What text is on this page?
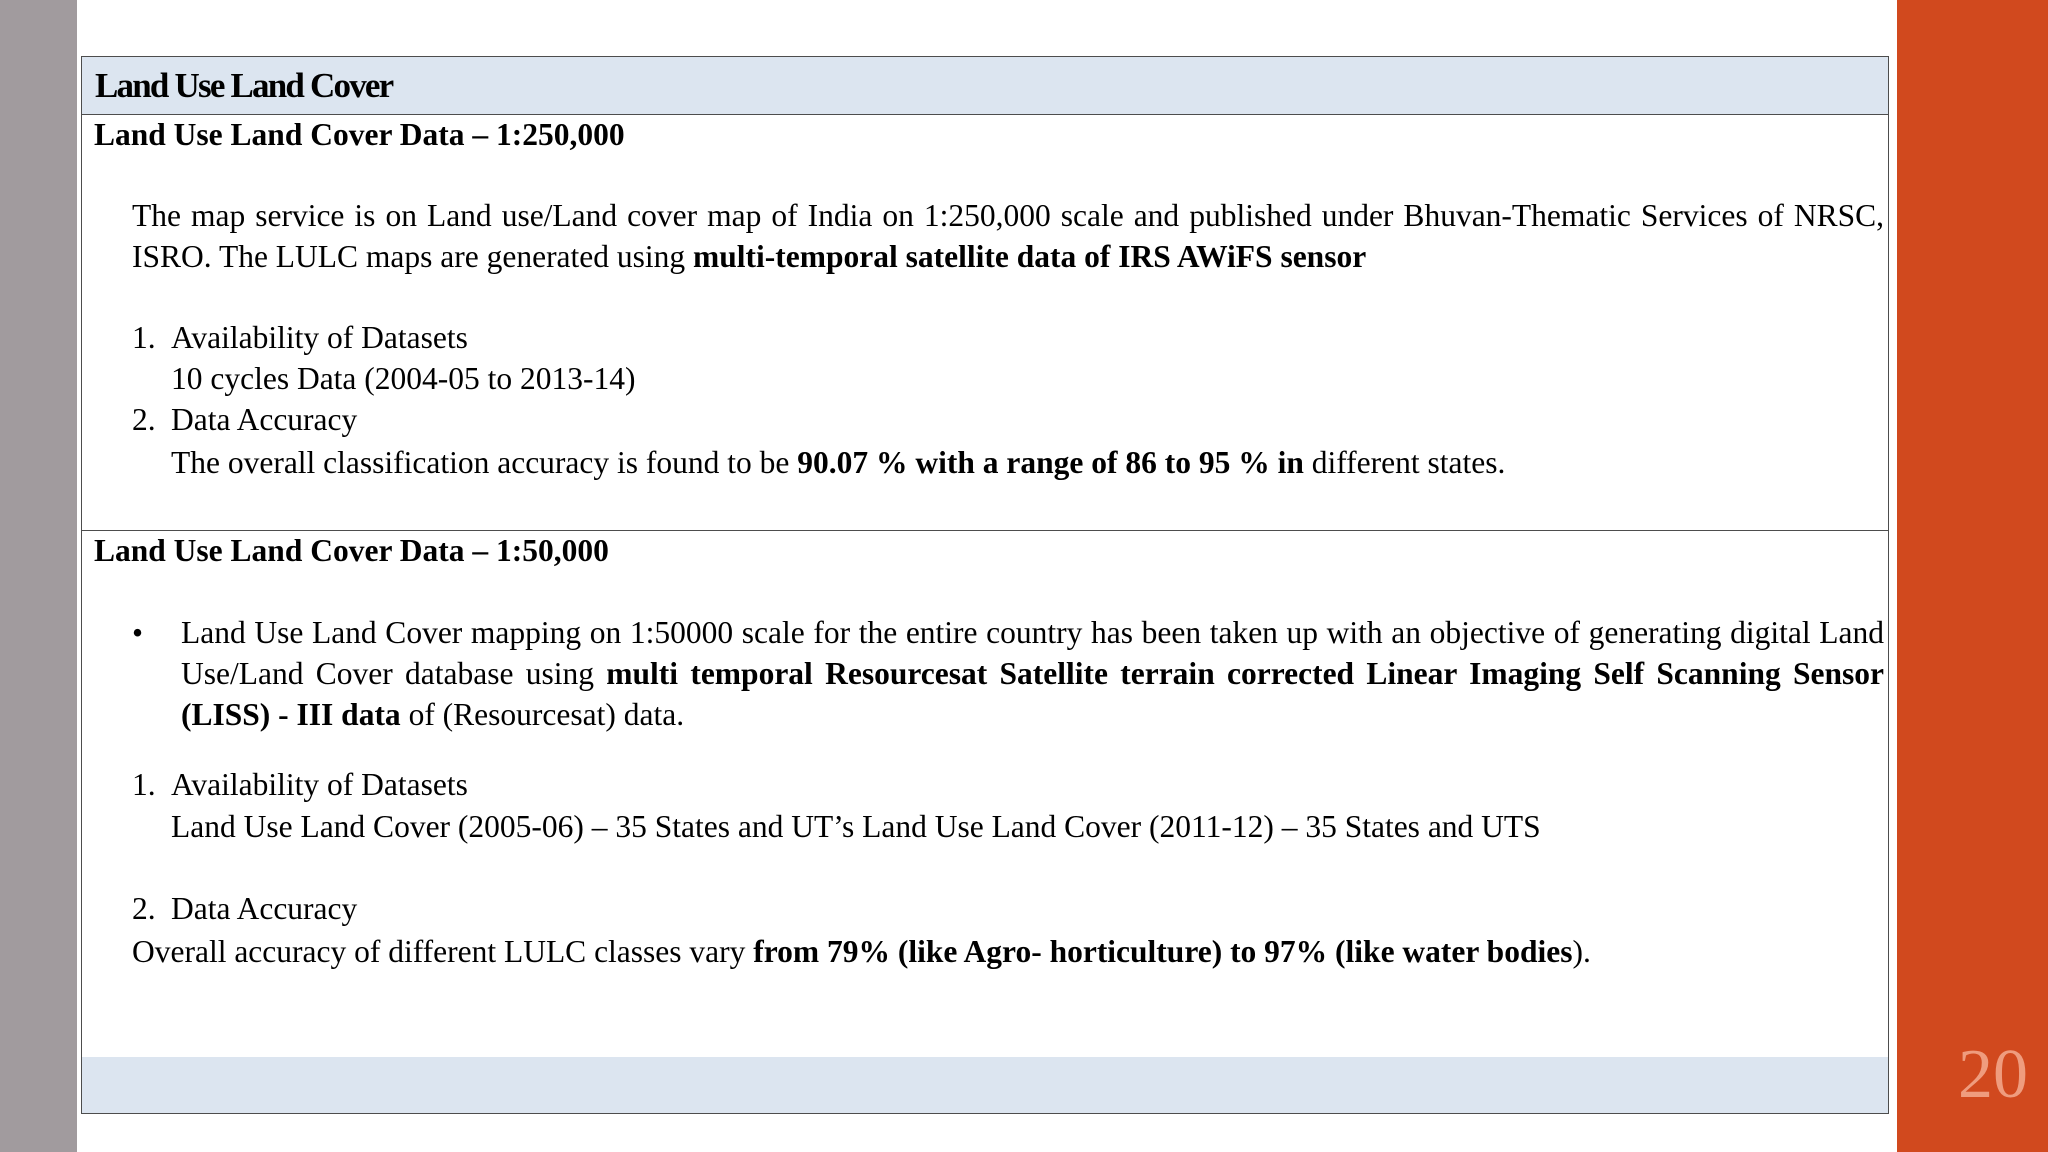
20
Land Use Land Cover
Land Use Land Cover Data – 1:250,000
The map service is on Land use/Land cover map of India on 1:250,000 scale and published under Bhuvan-Thematic Services of NRSC, ISRO. The LULC maps are generated using multi-temporal satellite data of IRS AWiFS sensor
1. Availability of Datasets
10 cycles Data (2004-05 to 2013-14)
2. Data Accuracy
The overall classification accuracy is found to be 90.07 % with a range of 86 to 95 % in different states.
Land Use Land Cover Data – 1:50,000
• Land Use Land Cover mapping on 1:50000 scale for the entire country has been taken up with an objective of generating digital Land Use/Land Cover database using multi temporal Resourcesat Satellite terrain corrected Linear Imaging Self Scanning Sensor (LISS) - III data of (Resourcesat) data.
1. Availability of Datasets
Land Use Land Cover (2005-06) – 35 States and UT’s Land Use Land Cover (2011-12) – 35 States and UTS
2. Data Accuracy
Overall accuracy of different LULC classes vary from 79% (like Agro- horticulture) to 97% (like water bodies).
